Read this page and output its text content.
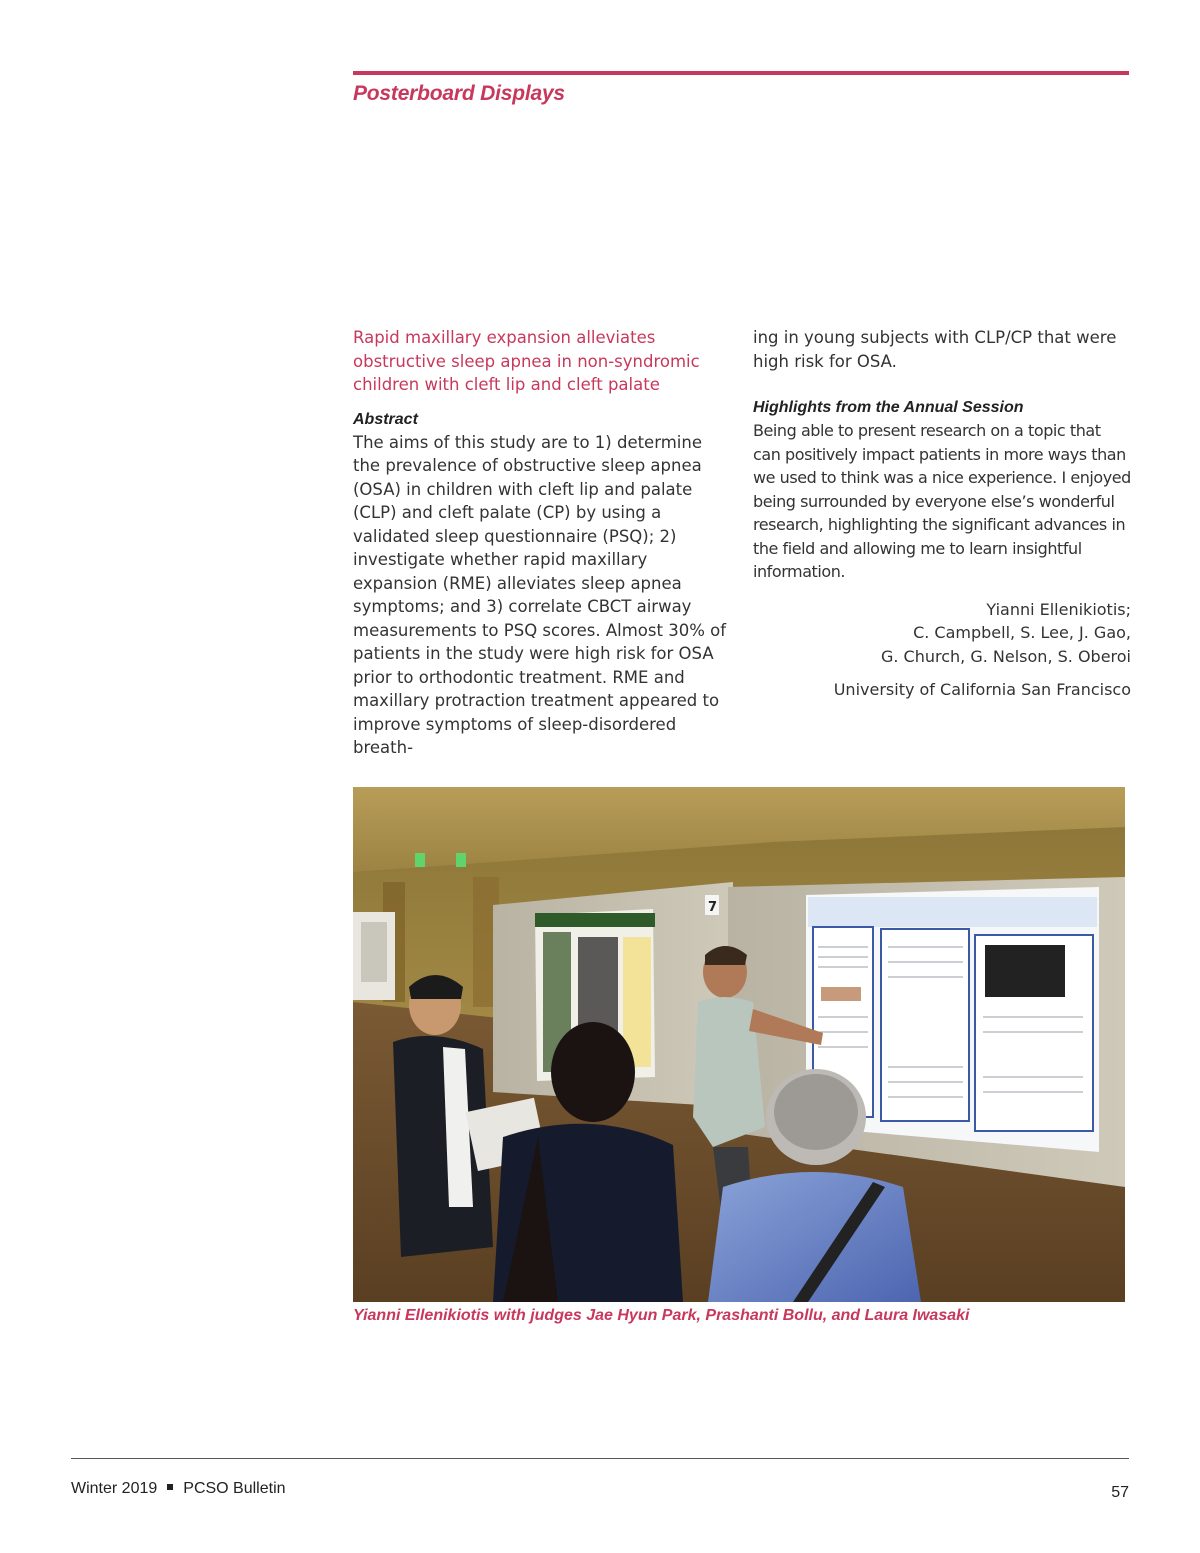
Posterboard Displays
Rapid maxillary expansion alleviates obstructive sleep apnea in non-syndromic children with cleft lip and cleft palate
Abstract

The aims of this study are to 1) determine the prevalence of obstructive sleep apnea (OSA) in children with cleft lip and palate (CLP) and cleft palate (CP) by using a validated sleep questionnaire (PSQ); 2) investigate whether rapid maxillary expansion (RME) alleviates sleep apnea symptoms; and 3) correlate CBCT airway measurements to PSQ scores. Almost 30% of patients in the study were high risk for OSA prior to orthodontic treatment. RME and maxillary protraction treatment appeared to improve symptoms of sleep-disordered breath-

ing in young subjects with CLP/CP that were high risk for OSA.

Highlights from the Annual Session

Being able to present research on a topic that can positively impact patients in more ways than we used to think was a nice experience. I enjoyed being surrounded by everyone else’s wonderful research, highlighting the significant advances in the field and allowing me to learn insightful information.

Yianni Ellenikiotis;
C. Campbell, S. Lee, J. Gao,
G. Church, G. Nelson, S. Oberoi
University of California San Francisco
7

Yianni Ellenikiotis with judges Jae Hyun Park, Prashanti Bollu, and Laura Iwasaki

Winter 2019 PCSO Bulletin	57
